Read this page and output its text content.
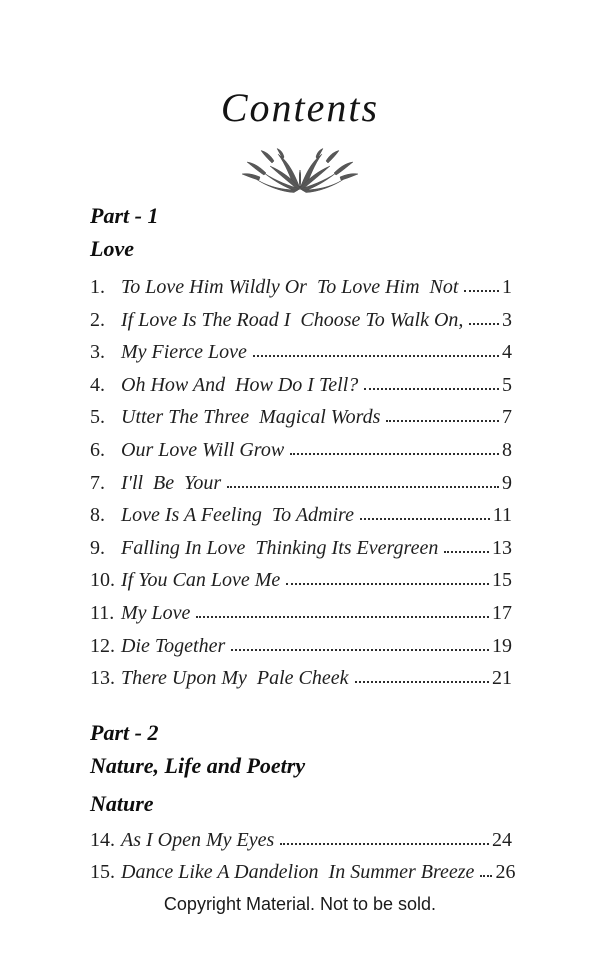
Contents
Part - 1
Love
1. To Love Him Wildly Or  To Love Him  Not 1
2. If Love Is The Road I  Choose To Walk On, 3
3. My Fierce Love	4
4. Oh How And  How Do I Tell?	5
5. Utter The Three  Magical Words	7
6. Our Love Will Grow	8
7. I'll  Be  Your	9
8. Love Is A Feeling  To Admire	11
9. Falling In Love  Thinking Its Evergreen	13
10. If You Can Love Me	15
11. My Love	17
12. Die Together	19
13. There Upon My  Pale Cheek	21
Part - 2
Nature, Life and Poetry
Nature
14. As I Open My Eyes	24
15. Dance Like A Dandelion  In Summer Breeze 26
Copyright Material. Not to be sold.
